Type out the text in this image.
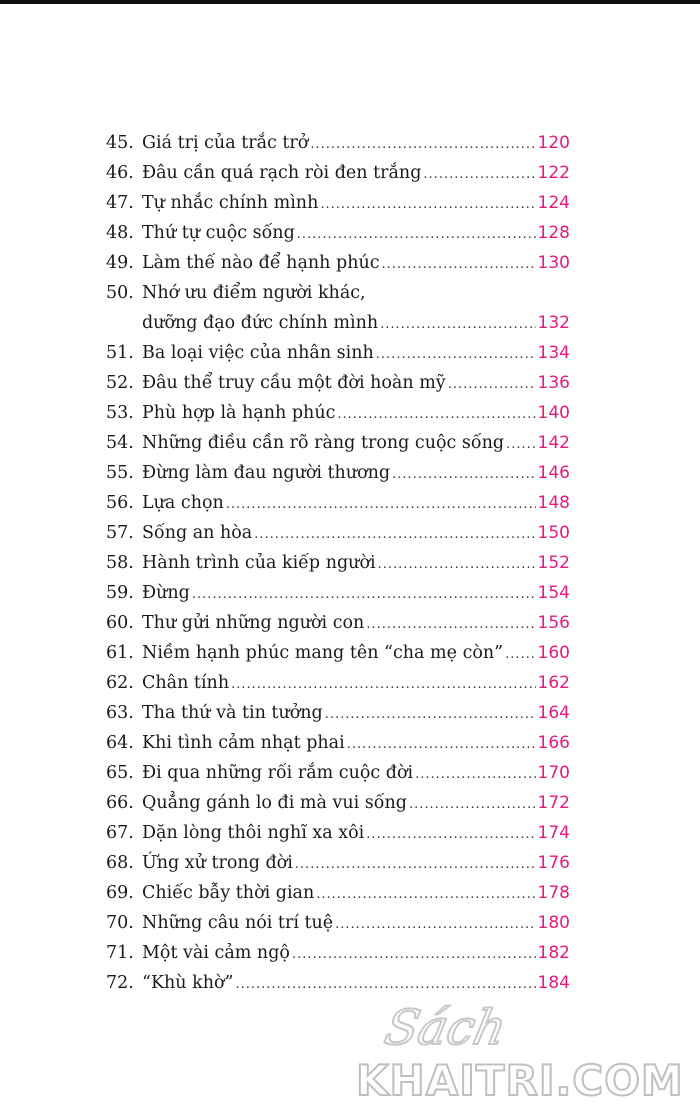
45. Giá trị của trắc trở .....	120
46. Đâu cần quá rạch ròi đen trắng .....	122
47. Tự nhắc chính mình .....	124
48. Thứ tự cuộc sống .....	128
49. Làm thế nào để hạnh phúc .....	130
50. Nhớ ưu điểm người khác,
dưỡng đạo đức chính mình .....	132
51. Ba loại việc của nhân sinh .....	134
52. Đâu thể truy cầu một đời hoàn mỹ .....	136
53. Phù hợp là hạnh phúc .....	140
54. Những điều cần rõ ràng trong cuộc sống ..... 142
55. Đừng làm đau người thương .....	146
56. Lựa chọn .....	148
57. Sống an hòa .....	150
58. Hành trình của kiếp người .....	152
59. Đừng .....	154
60. Thư gửi những người con .....	156
61. Niềm hạnh phúc mang tên “cha mẹ còn” ..... 160
62. Chân tính .....	162
63. Tha thứ và tin tưởng .....	164
64. Khi tình cảm nhạt phai .....	166
65. Đi qua những rối rắm cuộc đời .....	170
66. Quẳng gánh lo đi mà vui sống .....	172
67. Dặn lòng thôi nghĩ xa xôi .....	174
68. Ứng xử trong đời .....	176
69. Chiếc bẫy thời gian .....	178
70. Những câu nói trí tuệ .....	180
71. Một vài cảm ngộ .....	182
72. “Khù khờ” .....	184
Sách
KHAITRI.COM
